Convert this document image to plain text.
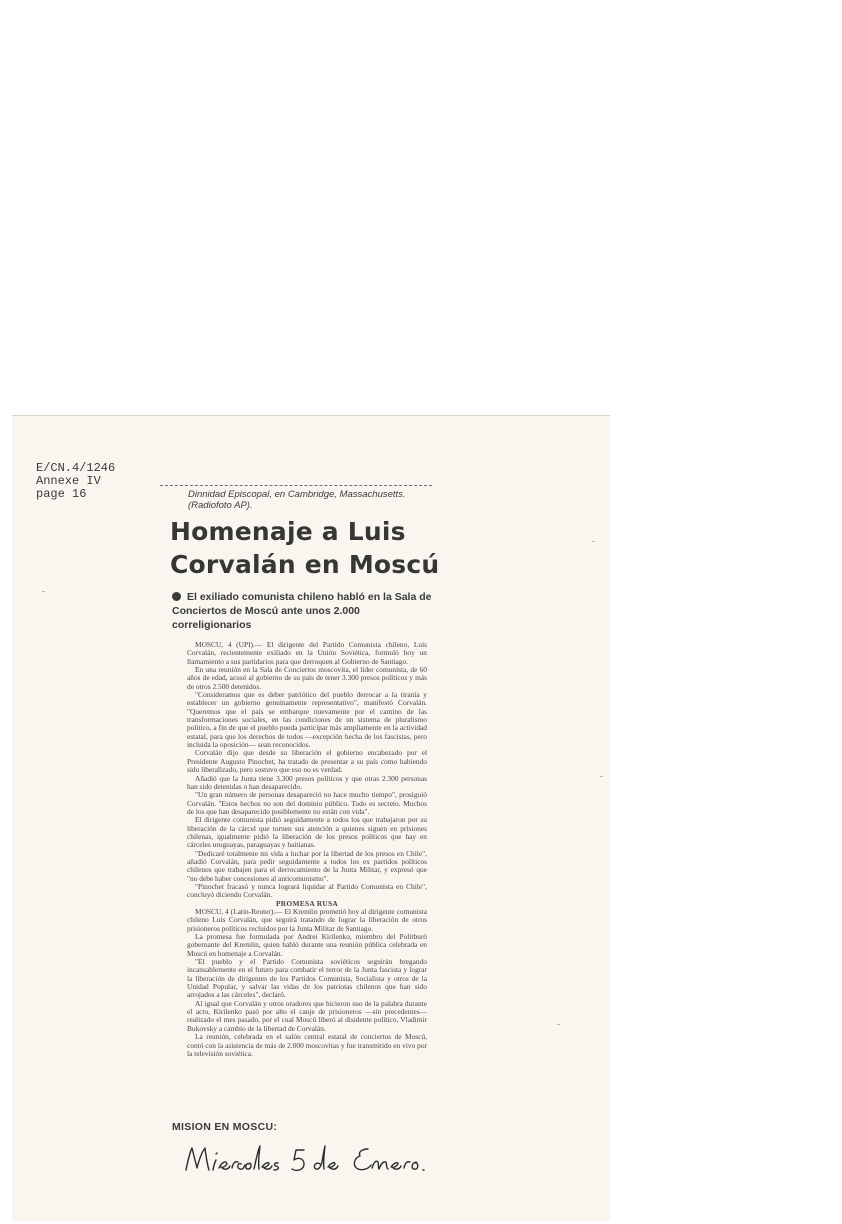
E/CN.4/1246
Annexe IV
page 16	Dinnidad Episcopal, en Cambridge, Massachusetts. (Radiofoto AP).
Homenaje a Luis Corvalán en Moscú
El exiliado comunista chileno habló en la Sala de Conciertos de Moscú ante unos 2.000 correligionarios

MOSCU, 4 (UPI).— El dirigente del Partido Comunista chileno, Luis Corvalán, recientemente exiliado en la Unión Soviética, formuló hoy un llamamiento a sus partidarios para que derroquen al Gobierno de Santiago.

En una reunión en la Sala de Conciertos moscovita, el líder comunista, de 60 años de edad, acusó al gobierno de su país de tener 3.300 presos políticos y más de otros 2.500 detenidos.

"Consideramos que es deber patriótico del pueblo derrocar a la tiranía y establecer un gobierno genuinamente representativo", manifestó Corvalán. "Queremos que el país se embarque nuevamente por el camino de las transformaciones sociales, en las condiciones de un sistema de pluralismo político, a fin de que el pueblo pueda participar más ampliamente en la actividad estatal, para que los derechos de todos —excepción hecha de los fascistas, pero incluida la oposición— sean reconocidos.

Corvalán dijo que desde su liberación el gobierno encabezado por el Presidente Augusto Pinochet, ha tratado de presentar a su país como habiendo sido liberalizado, pero sostuvo que eso no es verdad.

Añadió que la Junta tiene 3.300 presos políticos y que otras 2.300 personas han sido detenidas o han desaparecido.

"Un gran número de personas desapareció no hace mucho tiempo", prosiguió Corvalán. "Estos hechos no son del dominio público. Todo es secreto. Muchos de los que han desaparecido posiblemente no están con vida".

El dirigente comunista pidió seguidamente a todos los que trabajaron por su liberación de la cárcel que tornen sus atención a quienes siguen en prisiones chilenas, igualmente pidió la liberación de los presos políticos que hay en cárceles uruguayas, paraguayas y haitianas.

"Dedicaré totalmente mi vida a luchar por la libertad de los presos en Chile", añadió Corvalán, para pedir seguidamente a todos los ex partidos políticos chilenos que trabajen para el derrocamiento de la Junta Militar, y expresó que "no debe haber concesiones al anticomunismo".

"Pinochet fracasó y nunca logrará liquidar al Partido Comunista en Chile", concluyó diciendo Corvalán.

PROMESA RUSA

MOSCU, 4 (Latin-Reuter).— El Kremlin prometió hoy al dirigente comunista chileno Luis Corvalán, que seguirá tratando de lograr la liberación de otros prisioneros políticos recluidos por la Junta Militar de Santiago.

La promesa fue formulada por Andrei Kirilenko, miembro del Politburó gobernante del Kremlin, quien habló durante una reunión pública celebrada en Moscú en homenaje a Corvalán.

"El pueblo y el Partido Comunista soviéticos seguirán bregando incansablemente en el futuro para combatir el terror de la Junta fascista y lograr la liberación de dirigentes de los Partidos Comunista, Socialista y otros de la Unidad Popular, y salvar las vidas de los patriotas chilenos que han sido arrojados a las cárceles", declaró.

Al igual que Corvalán y otros oradores que hicieron uso de la palabra durante el acto, Kirilenko pasó por alto el canje de prisioneros —sin precedentes— realizado el mes pasado, por el cual Moscú liberó al disidente político, Vladimir Bukovsky a cambio de la libertad de Corvalán.

La reunión, celebrada en el salón central estatal de conciertos de Moscú, contó con la asistencia de más de 2.000 moscovitas y fue transmitido en vivo por la televisión soviética.

MISION EN MOSCU:
